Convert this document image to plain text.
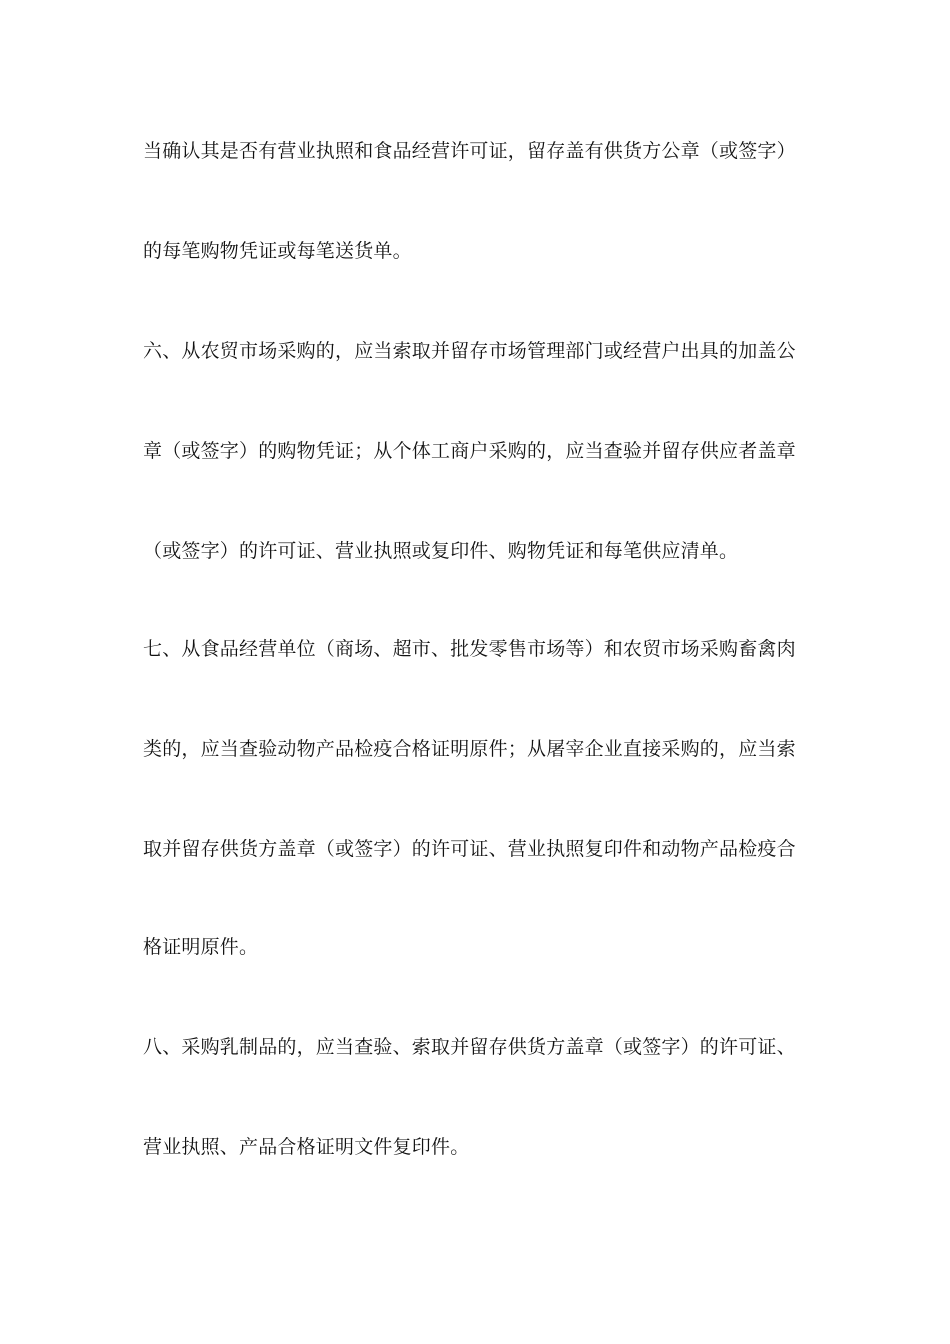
当确认其是否有营业执照和食品经营许可证，留存盖有供货方公章（或签字）
的每笔购物凭证或每笔送货单。
六、从农贸市场采购的，应当索取并留存市场管理部门或经营户出具的加盖公
章（或签字）的购物凭证；从个体工商户采购的，应当查验并留存供应者盖章
（或签字）的许可证、营业执照或复印件、购物凭证和每笔供应清单。
七、从食品经营单位（商场、超市、批发零售市场等）和农贸市场采购畜禽肉
类的，应当查验动物产品检疫合格证明原件；从屠宰企业直接采购的，应当索
取并留存供货方盖章（或签字）的许可证、营业执照复印件和动物产品检疫合
格证明原件。
八、采购乳制品的，应当查验、索取并留存供货方盖章（或签字）的许可证、
营业执照、产品合格证明文件复印件。
